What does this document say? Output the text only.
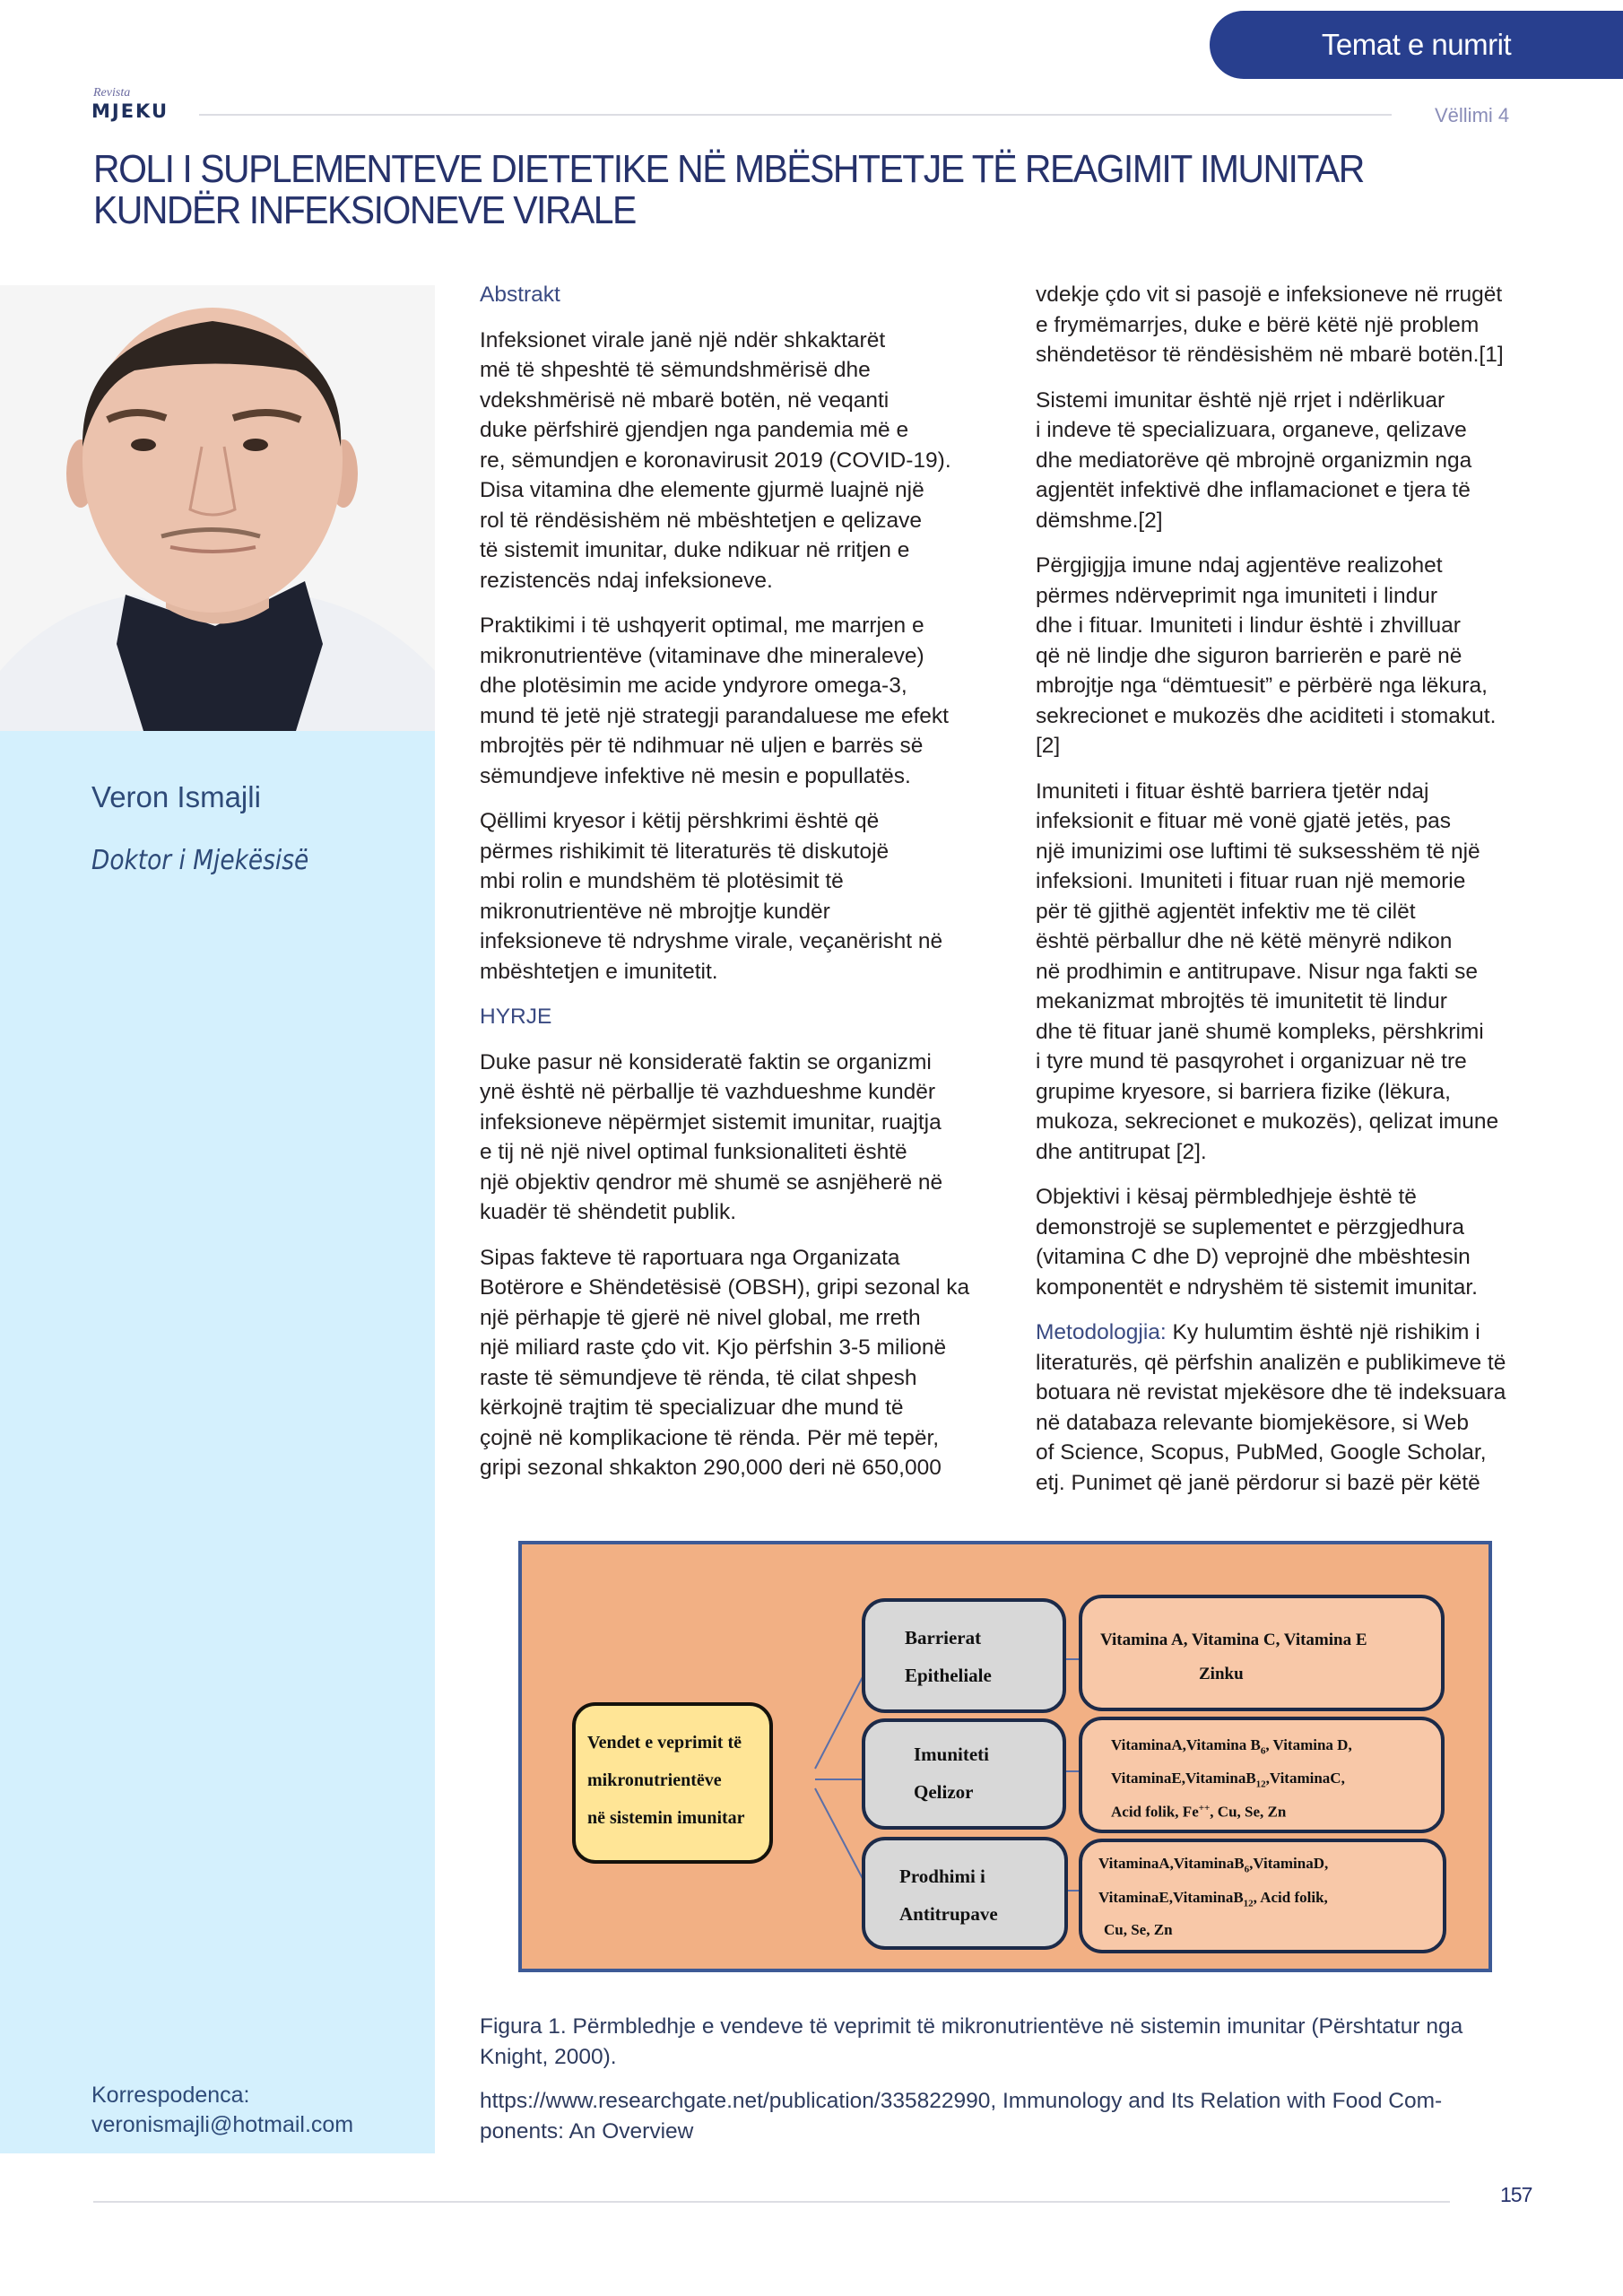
Temat e numrit
Revista
MJEKU	Vëllimi 4
ROLI I SUPLEMENTEVE DIETETIKE NË MBËSHTETJE TË REAGIMIT IMUNITAR
KUNDËR INFEKSIONEVE VIRALE
Veron Ismajli
Doktor i Mjekësisë
Korrespodenca:
veronismajli@hotmail.com
Abstrakt
Infeksionet virale janë një ndër shkaktarët
më të shpeshtë të sëmundshmërisë dhe
vdekshmërisë në mbarë botën, në veqanti
duke përfshirë gjendjen nga pandemia më e
re, sëmundjen e koronavirusit 2019 (COVID-19).
Disa vitamina dhe elemente gjurmë luajnë një
rol të rëndësishëm në mbështetjen e qelizave
të sistemit imunitar, duke ndikuar në rritjen e
rezistencës ndaj infeksioneve.
Praktikimi i të ushqyerit optimal, me marrjen e
mikronutrientëve (vitaminave dhe mineraleve)
dhe plotësimin me acide yndyrore omega-3,
mund të jetë një strategji parandaluese me efekt
mbrojtës për të ndihmuar në uljen e barrës së
sëmundjeve infektive në mesin e popullatës.
Qëllimi kryesor i këtij përshkrimi është që
përmes rishikimit të literaturës të diskutojë
mbi rolin e mundshëm të plotësimit të
mikronutrientëve në mbrojtje kundër
infeksioneve të ndryshme virale, veçanërisht në
mbështetjen e imunitetit.
HYRJE
Duke pasur në konsideratë faktin se organizmi
ynë është në përballje të vazhdueshme kundër
infeksioneve nëpërmjet sistemit imunitar, ruajtja
e tij në një nivel optimal funksionaliteti është
një objektiv qendror më shumë se asnjëherë në
kuadër të shëndetit publik.
Sipas fakteve të raportuara nga Organizata
Botërore e Shëndetësisë (OBSH), gripi sezonal ka
një përhapje të gjerë në nivel global, me rreth
një miliard raste çdo vit. Kjo përfshin 3-5 milionë
raste të sëmundjeve të rënda, të cilat shpesh
kërkojnë trajtim të specializuar dhe mund të
çojnë në komplikacione të rënda. Për më tepër,
gripi sezonal shkakton 290,000 deri në 650,000
vdekje çdo vit si pasojë e infeksioneve në rrugët
e frymëmarrjes, duke e bërë këtë një problem
shëndetësor të rëndësishëm në mbarë botën.[1]
Sistemi imunitar është një rrjet i ndërlikuar
i indeve të specializuara, organeve, qelizave
dhe mediatorëve që mbrojnë organizmin nga
agjentët infektivë dhe inflamacionet e tjera të
dëmshme.[2]
Përgjigjja imune ndaj agjentëve realizohet
përmes ndërveprimit nga imuniteti i lindur
dhe i fituar. Imuniteti i lindur është i zhvilluar
që në lindje dhe siguron barrierën e parë në
mbrojtje nga “dëmtuesit” e përbërë nga lëkura,
sekrecionet e mukozës dhe aciditeti i stomakut.
[2]
Imuniteti i fituar është barriera tjetër ndaj
infeksionit e fituar më vonë gjatë jetës, pas
një imunizimi ose luftimi të suksesshëm të një
infeksioni. Imuniteti i fituar ruan një memorie
për të gjithë agjentët infektiv me të cilët
është përballur dhe në këtë mënyrë ndikon
në prodhimin e antitrupave. Nisur nga fakti se
mekanizmat mbrojtës të imunitetit të lindur
dhe të fituar janë shumë kompleks, përshkrimi
i tyre mund të pasqyrohet i organizuar në tre
grupime kryesore, si barriera fizike (lëkura,
mukoza, sekrecionet e mukozës), qelizat imune
dhe antitrupat [2].
Objektivi i kësaj përmbledhjeje është të
demonstrojë se suplementet e përzgjedhura
(vitamina C dhe D) veprojnë dhe mbështesin
komponentët e ndryshëm të sistemit imunitar.
Metodologjia: Ky hulumtim është një rishikim i
literaturës, që përfshin analizën e publikimeve të
botuara në revistat mjekësore dhe të indeksuara
në databaza relevante biomjekësore, si Web
of Science, Scopus, PubMed, Google Scholar,
etj. Punimet që janë përdorur si bazë për këtë
Vendet e veprimit të
mikronutrientëve
në sistemin imunitar
Barrierat
Epitheliale
Imuniteti
Qelizor
Prodhimi i
Antitrupave
Vitamina A, Vitamina C, Vitamina E
Zinku
VitaminaA,Vitamina $B_6$, Vitamina D,
VitaminaE,VitaminaB$_{12}$,VitaminaC,
Acid folik, Fe++, Cu, Se, Zn
VitaminaA,VitaminaB$_6$,VitaminaD,
VitaminaE,VitaminaB$_{12}$, Acid folik,
Cu, Se, Zn
Figura 1. Përmbledhje e vendeve të veprimit të mikronutrientëve në sistemin imunitar (Përshtatur nga
Knight, 2000).
https://www.researchgate.net/publication/335822990, Immunology and Its Relation with Food Com-
ponents: An Overview
157
